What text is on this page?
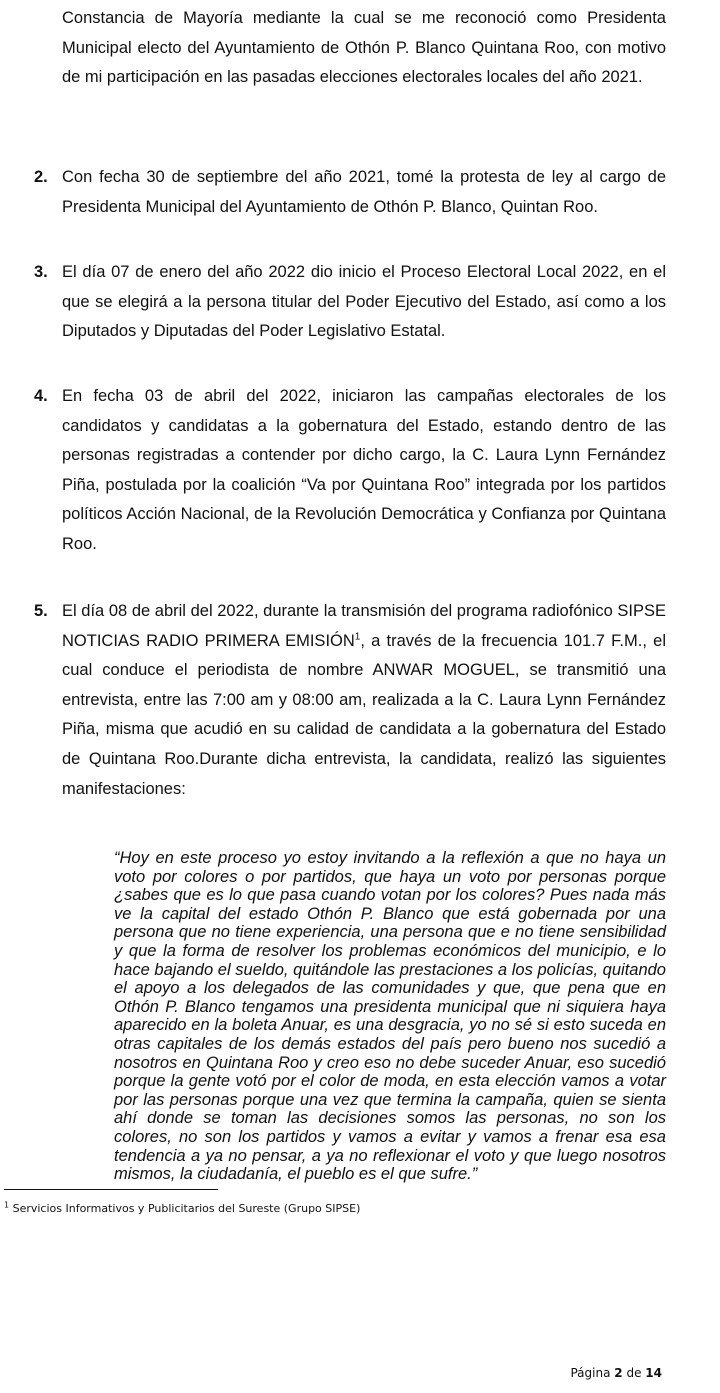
Constancia de Mayoría mediante la cual se me reconoció como Presidenta Municipal electo del Ayuntamiento de Othón P. Blanco Quintana Roo, con motivo de mi participación en las pasadas elecciones electorales locales del año 2021.

2. Con fecha 30 de septiembre del año 2021, tomé la protesta de ley al cargo de Presidenta Municipal del Ayuntamiento de Othón P. Blanco, Quintan Roo.
3. El día 07 de enero del año 2022 dio inicio el Proceso Electoral Local 2022, en el que se elegirá a la persona titular del Poder Ejecutivo del Estado, así como a los Diputados y Diputadas del Poder Legislativo Estatal.
4. En fecha 03 de abril del 2022, iniciaron las campañas electorales de los candidatos y candidatas a la gobernatura del Estado, estando dentro de las personas registradas a contender por dicho cargo, la C. Laura Lynn Fernández Piña, postulada por la coalición “Va por Quintana Roo” integrada por los partidos políticos Acción Nacional, de la Revolución Democrática y Confianza por Quintana Roo.
5. El día 08 de abril del 2022, durante la transmisión del programa radiofónico SIPSE NOTICIAS RADIO PRIMERA EMISIÓN$^1$, a través de la frecuencia 101.7 F.M., el cual conduce el periodista de nombre ANWAR MOGUEL, se transmitió una entrevista, entre las 7:00 am y 08:00 am, realizada a la C. Laura Lynn Fernández Piña, misma que acudió en su calidad de candidata a la gobernatura del Estado de Quintana Roo.Durante dicha entrevista, la candidata, realizó las siguientes manifestaciones:

“Hoy en este proceso yo estoy invitando a la reflexión a que no haya un voto por colores o por partidos, que haya un voto por personas porque ¿sabes que es lo que pasa cuando votan por los colores? Pues nada más ve la capital del estado Othón P. Blanco que está gobernada por una persona que no tiene experiencia, una persona que e no tiene sensibilidad y que la forma de resolver los problemas económicos del municipio, e lo hace bajando el sueldo, quitándole las prestaciones a los policías, quitando el apoyo a los delegados de las comunidades y que, que pena que en Othón P. Blanco tengamos una presidenta municipal que ni siquiera haya aparecido en la boleta Anuar, es una desgracia, yo no sé si esto suceda en otras capitales de los demás estados del país pero bueno nos sucedió a nosotros en Quintana Roo y creo eso no debe suceder Anuar, eso sucedió porque la gente votó por el color de moda, en esta elección vamos a votar por las personas porque una vez que termina la campaña, quien se sienta ahí donde se toman las decisiones somos las personas, no son los colores, no son los partidos y vamos a evitar y vamos a frenar esa esa tendencia a ya no pensar, a ya no reflexionar el voto y que luego nosotros mismos, la ciudadanía, el pueblo es el que sufre.”

$^1$ Servicios Informativos y Publicitarios del Sureste (Grupo SIPSE)
Página 2 de 14
